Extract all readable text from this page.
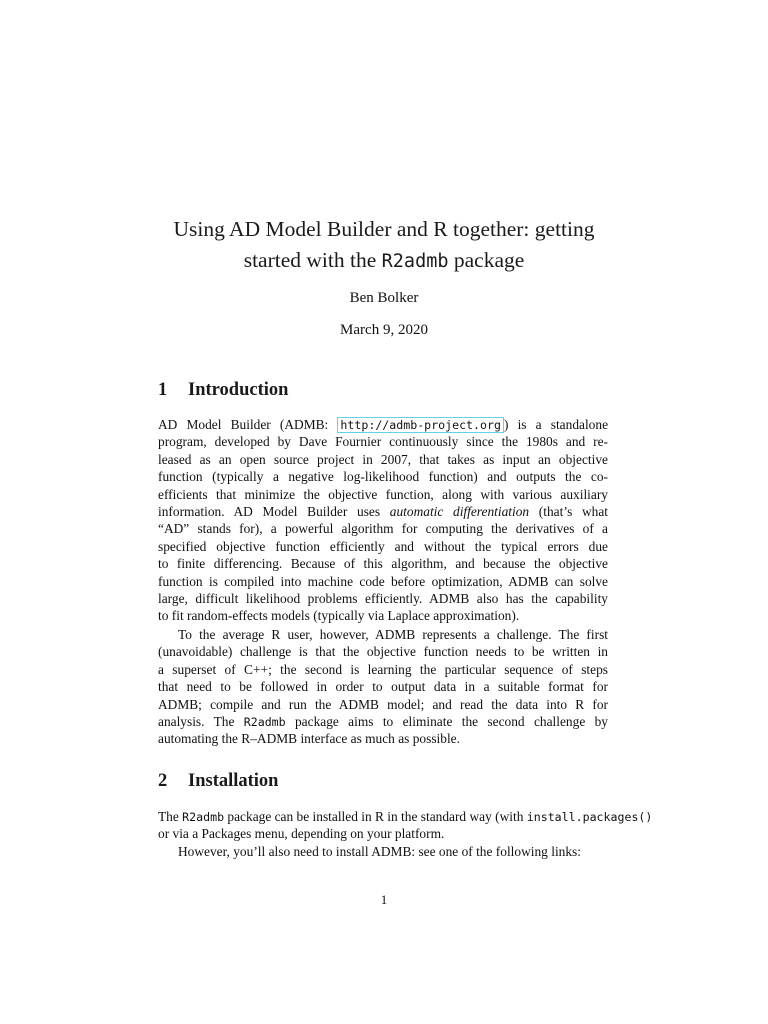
Using AD Model Builder and R together: getting
started with the R2admb package
Ben Bolker
March 9, 2020
1 Introduction
AD Model Builder (ADMB: http://admb-project.org ) is a standalone
program, developed by Dave Fournier continuously since the 1980s and re-
leased as an open source project in 2007, that takes as input an objective
function (typically a negative log-likelihood function) and outputs the co-
efficients that minimize the objective function, along with various auxiliary
information. AD Model Builder uses automatic differentiation (that’s what
“AD” stands for), a powerful algorithm for computing the derivatives of a
specified objective function efficiently and without the typical errors due
to finite differencing. Because of this algorithm, and because the objective
function is compiled into machine code before optimization, ADMB can solve
large, difficult likelihood problems efficiently. ADMB also has the capability
to fit random-effects models (typically via Laplace approximation).
To the average R user, however, ADMB represents a challenge. The first
(unavoidable) challenge is that the objective function needs to be written in
a superset of C++; the second is learning the particular sequence of steps
that need to be followed in order to output data in a suitable format for
ADMB; compile and run the ADMB model; and read the data into R for
analysis. The R2admb package aims to eliminate the second challenge by
automating the R–ADMB interface as much as possible.
2 Installation
The R2admb package can be installed in R in the standard way (with install.packages()
or via a Packages menu, depending on your platform.
However, you’ll also need to install ADMB: see one of the following links:
1
